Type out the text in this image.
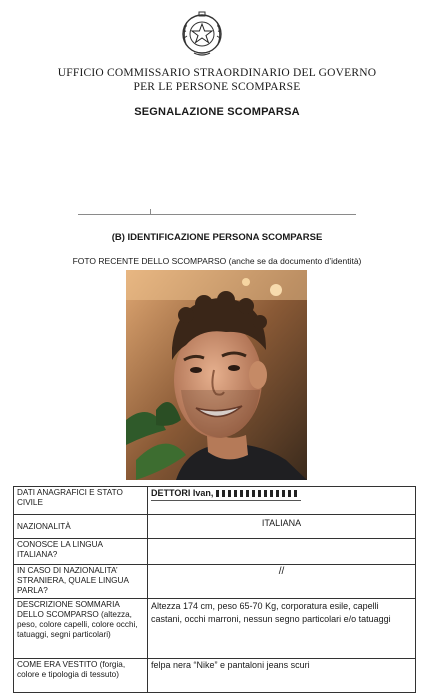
UFFICIO COMMISSARIO STRAORDINARIO DEL GOVERNO
PER LE PERSONE SCOMPARSE
SEGNALAZIONE SCOMPARSA
(B) IDENTIFICAZIONE PERSONA SCOMPARSE
FOTO RECENTE DELLO SCOMPARSO (anche se da documento d’identità)
DATI ANAGRAFICI E STATO CIVILE	DETTORI Ivan,

NAZIONALITÀ	ITALIANA
CONOSCE LA LINGUA ITALIANA?	
IN CASO DI NAZIONALITA’ STRANIERA, QUALE LINGUA PARLA?	//
DESCRIZIONE SOMMARIA DELLO SCOMPARSO (altezza, peso, colore capelli, colore occhi, tatuaggi, segni particolari)	Altezza 174 cm, peso 65-70 Kg, corporatura esile, capelli castani, occhi marroni, nessun segno particolari e/o tatuaggi
COME ERA VESTITO (forgia, colore e tipologia di tessuto)	felpa nera “Nike” e pantaloni jeans scuri
